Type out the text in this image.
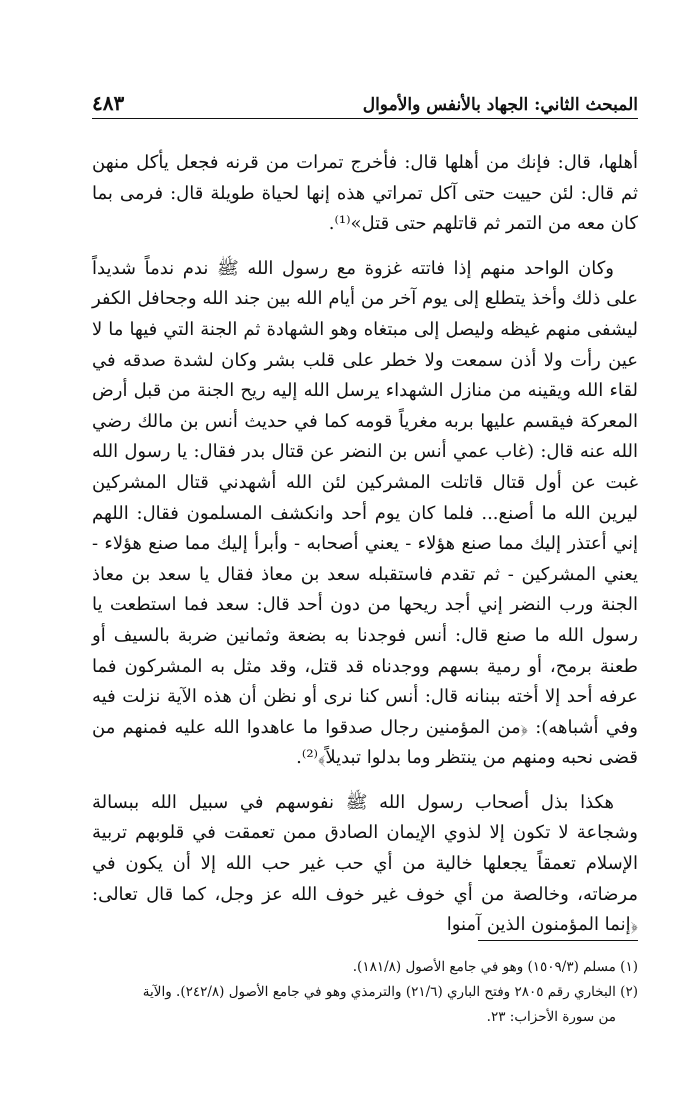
٤٨٣	المبحث الثاني: الجهاد بالأنفس والأموال

أهلها، قال: فإنك من أهلها قال: فأخرج تمرات من قرنه فجعل يأكل منهن ثم قال: لئن حييت حتى آكل تمراتي هذه إنها لحياة طويلة قال: فرمى بما كان معه من التمر ثم قاتلهم حتى قتل»⁽¹⁾.

وكان الواحد منهم إذا فاتته غزوة مع رسول الله ﷺ ندم ندماً شديداً على ذلك وأخذ يتطلع إلى يوم آخر من أيام الله بين جند الله وجحافل الكفر ليشفى منهم غيظه وليصل إلى مبتغاه وهو الشهادة ثم الجنة التي فيها ما لا عين رأت ولا أذن سمعت ولا خطر على قلب بشر وكان لشدة صدقه في لقاء الله ويقينه من منازل الشهداء يرسل الله إليه ريح الجنة من قبل أرض المعركة فيقسم عليها بربه مغرياً قومه كما في حديث أنس بن مالك رضي الله عنه قال: (غاب عمي أنس بن النضر عن قتال بدر فقال: يا رسول الله غبت عن أول قتال قاتلت المشركين لئن الله أشهدني قتال المشركين ليرين الله ما أصنع... فلما كان يوم أحد وانكشف المسلمون فقال: اللهم إني أعتذر إليك مما صنع هؤلاء - يعني أصحابه - وأبرأ إليك مما صنع هؤلاء - يعني المشركين - ثم تقدم فاستقبله سعد بن معاذ فقال يا سعد بن معاذ الجنة ورب النضر إني أجد ريحها من دون أحد قال: سعد فما استطعت يا رسول الله ما صنع قال: أنس فوجدنا به بضعة وثمانين ضربة بالسيف أو طعنة برمح، أو رمية بسهم ووجدناه قد قتل، وقد مثل به المشركون فما عرفه أحد إلا أخته ببنانه قال: أنس كنا نرى أو نظن أن هذه الآية نزلت فيه وفي أشباهه): ﴿من المؤمنين رجال صدقوا ما عاهدوا الله عليه فمنهم من قضى نحبه ومنهم من ينتظر وما بدلوا تبديلاً﴾⁽²⁾.

هكذا بذل أصحاب رسول الله ﷺ نفوسهم في سبيل الله ببسالة وشجاعة لا تكون إلا لذوي الإيمان الصادق ممن تعمقت في قلوبهم تربية الإسلام تعمقاً يجعلها خالية من أي حب غير حب الله إلا أن يكون في مرضاته، وخالصة من أي خوف غير خوف الله عز وجل، كما قال تعالى: ﴿إنما المؤمنون الذين آمنوا

(١) مسلم (١٥٠٩/٣) وهو في جامع الأصول (١٨١/٨).

(٢) البخاري رقم ٢٨٠٥ وفتح الباري (٢١/٦) والترمذي وهو في جامع الأصول (٢٤٢/٨). والآية
من سورة الأحزاب: ٢٣.
